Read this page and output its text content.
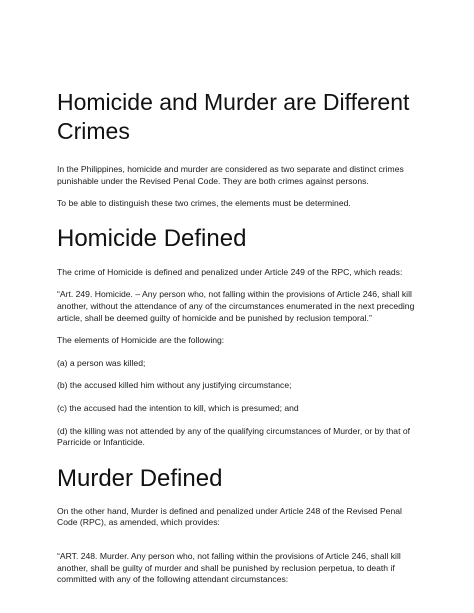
Homicide and Murder are Different Crimes

In the Philippines, homicide and murder are considered as two separate and distinct crimes punishable under the Revised Penal Code. They are both crimes against persons.

To be able to distinguish these two crimes, the elements must be determined.

Homicide Defined

The crime of Homicide is defined and penalized under Article 249 of the RPC, which reads:

“Art. 249. Homicide. – Any person who, not falling within the provisions of Article 246, shall kill another, without the attendance of any of the circumstances enumerated in the next preceding article, shall be deemed guilty of homicide and be punished by reclusion temporal.”

The elements of Homicide are the following:

(a) a person was killed;

(b) the accused killed him without any justifying circumstance;

(c) the accused had the intention to kill, which is presumed; and

(d) the killing was not attended by any of the qualifying circumstances of Murder, or by that of Parricide or Infanticide.

Murder Defined

On the other hand, Murder is defined and penalized under Article 248 of the Revised Penal Code (RPC), as amended, which provides:

“ART. 248. Murder. Any person who, not falling within the provisions of Article 246, shall kill another, shall be guilty of murder and shall be punished by reclusion perpetua, to death if committed with any of the following attendant circumstances:
